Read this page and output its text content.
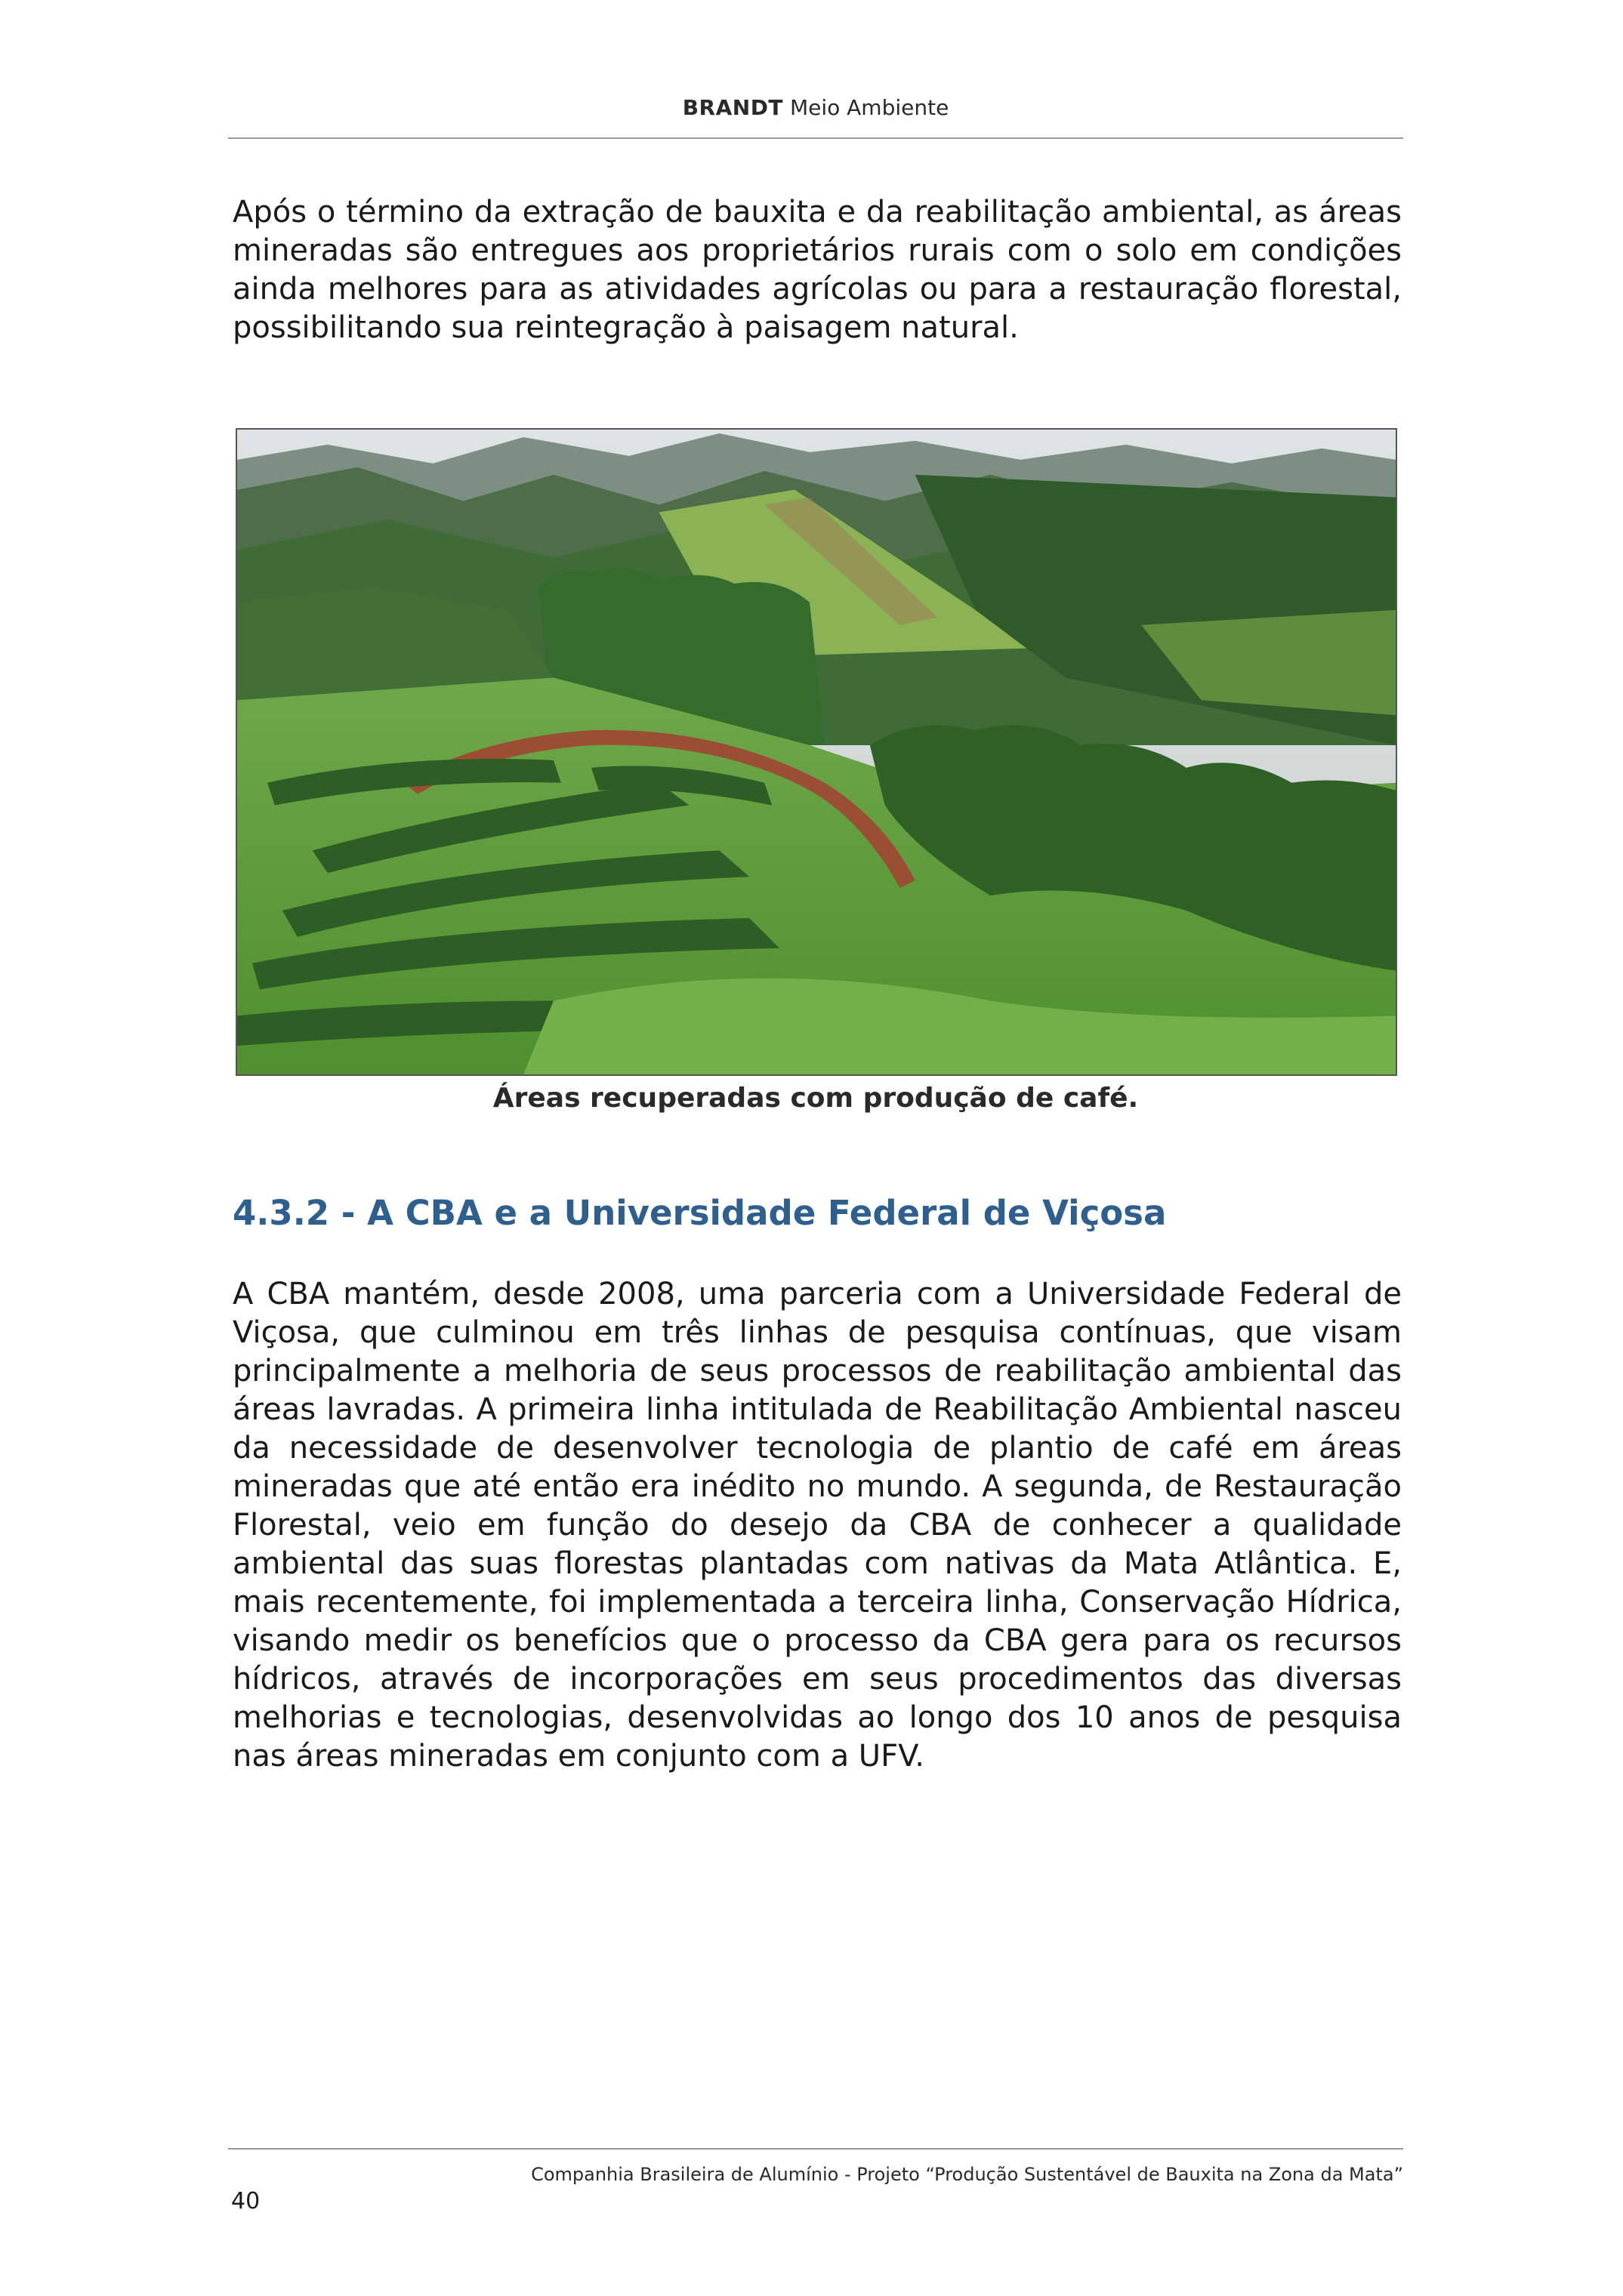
BRANDT Meio Ambiente

Após o término da extração de bauxita e da reabilitação ambiental, as áreas mineradas são entregues aos proprietários rurais com o solo em condições ainda melhores para as atividades agrícolas ou para a restauração florestal, possibilitando sua reintegração à paisagem natural.

Áreas recuperadas com produção de café.
4.3.2 - A CBA e a Universidade Federal de Viçosa

A CBA mantém, desde 2008, uma parceria com a Universidade Federal de Viçosa, que culminou em três linhas de pesquisa contínuas, que visam principalmente a melhoria de seus processos de reabilitação ambiental das áreas lavradas. A primeira linha intitulada de Reabilitação Ambiental nasceu da necessidade de desenvolver tecnologia de plantio de café em áreas mineradas que até então era inédito no mundo. A segunda, de Restauração Florestal, veio em função do desejo da CBA de conhecer a qualidade ambiental das suas florestas plantadas com nativas da Mata Atlântica. E, mais recentemente, foi implementada a terceira linha, Conservação Hídrica, visando medir os benefícios que o processo da CBA gera para os recursos hídricos, através de incorporações em seus procedimentos das diversas melhorias e tecnologias, desenvolvidas ao longo dos 10 anos de pesquisa nas áreas mineradas em conjunto com a UFV.

Companhia Brasileira de Alumínio - Projeto “Produção Sustentável de Bauxita na Zona da Mata”
40
